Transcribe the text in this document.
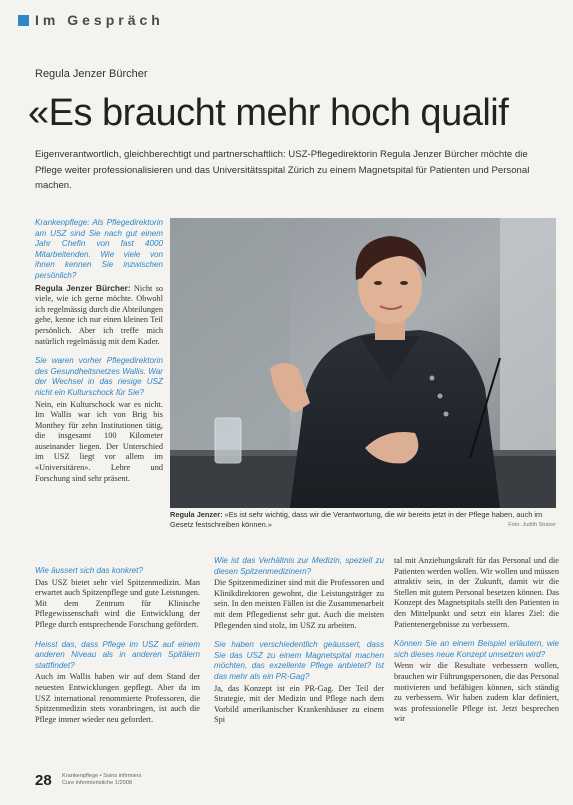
Im Gespräch
Regula Jenzer Bürcher
«Es braucht mehr hoch qualif
Eigenverantwortlich, gleichberechtigt und partnerschaftlich: USZ-Pflegedirektorin Regula Jenzer Bürcher möchte die Pflege weiter professionalisieren und das Universitätsspital Zürich zu einem Magnetspital für Patienten und Personal machen.

Krankenpflege: Als Pflegedirektorin am USZ sind Sie nach gut einem Jahr Chefin von fast 4000 Mitarbeitenden. Wie viele von ihnen kennen Sie inzwischen persönlich?

Regula Jenzer Bürcher: Nicht so viele, wie ich gerne möchte. Obwohl ich regelmässig durch die Abteilungen gehe, kenne ich nur einen kleinen Teil persönlich. Aber ich treffe mich natürlich regelmässig mit dem Kader.

Sie waren vorher Pflegedirektorin des Gesundheitsnetzes Wallis. War der Wechsel in das riesige USZ nicht ein Kulturschock für Sie?

Nein, ein Kulturschock war es nicht. Im Wallis war ich von Brig bis Monthey für zehn Institutionen tätig, die insgesamt 100 Kilometer auseinander liegen. Der Unterschied im USZ liegt vor allem im «Universitären». Lehre und Forschung sind sehr präsent.

Regula Jenzer: «Es ist sehr wichtig, dass wir die Verantwortung, die wir bereits jetzt in der Pflege haben, auch im Gesetz festschreiben können.»	Foto: Judith Stutzer

Wie äussert sich das konkret?

Das USZ bietet sehr viel Spitzenmedizin. Man erwartet auch Spitzenpflege und gute Leistungen. Mit dem Zentrum für Klinische Pflegewissenschaft wird die Entwicklung der Pflege durch entsprechende Forschung gefördert.

Heisst das, dass Pflege im USZ auf einem anderen Niveau als in anderen Spitälern stattfindet?

Auch im Wallis haben wir auf dem Stand der neuesten Entwicklungen gepflegt. Aber da im USZ international renommierte Professoren, die Spitzenmedizin stets voranbringen, ist auch die Pflege immer wieder neu gefordert.

Wie ist das Verhältnis zur Medizin, speziell zu diesen Spitzenmedizinern?

Die Spitzenmediziner sind mit die Professoren und Klinikdirektoren gewohnt, die Leistungsträger zu sein. In den meisten Fällen ist die Zusammenarbeit mit dem Pflegedienst sehr gut. Auch die meisten Pflegenden sind stolz, im USZ zu arbeiten.

Sie haben verschiedentlich geäussert, dass Sie das USZ zu einem Magnetspital machen möchten, das exzellente Pflege anbietet? Ist das mehr als ein PR-Gag?

Ja, das Konzept ist ein PR-Gag. Der Teil der Strategie, mit der Medizin und Pflege nach dem Vorbild amerikanischer Krankenhäuser zu einem Spi

tal mit Anziehungskraft für das Personal und die Patienten werden wollen. Wir wollen und müssen attraktiv sein, in der Zukunft, damit wir die Stellen mit gutem Personal besetzen können. Das Konzept des Magnetspitals stellt den Patienten in den Mittelpunkt und setzt ein klares Ziel: die Patientenergebnisse zu verbessern.

Können Sie an einem Beispiel erläutern, wie sich dieses neue Konzept umsetzen wird?

Wenn wir die Resultate verbessern wollen, brauchen wir Führungspersonen, die das Personal motivieren und befähigen können, sich ständig zu verbessern. Wir haben zudem klar definiert, was professionelle Pflege ist. Jetzt besprechen wir

28 Krankenpflege • Soins infirmiers
Cure infermieristiche 1/2008
